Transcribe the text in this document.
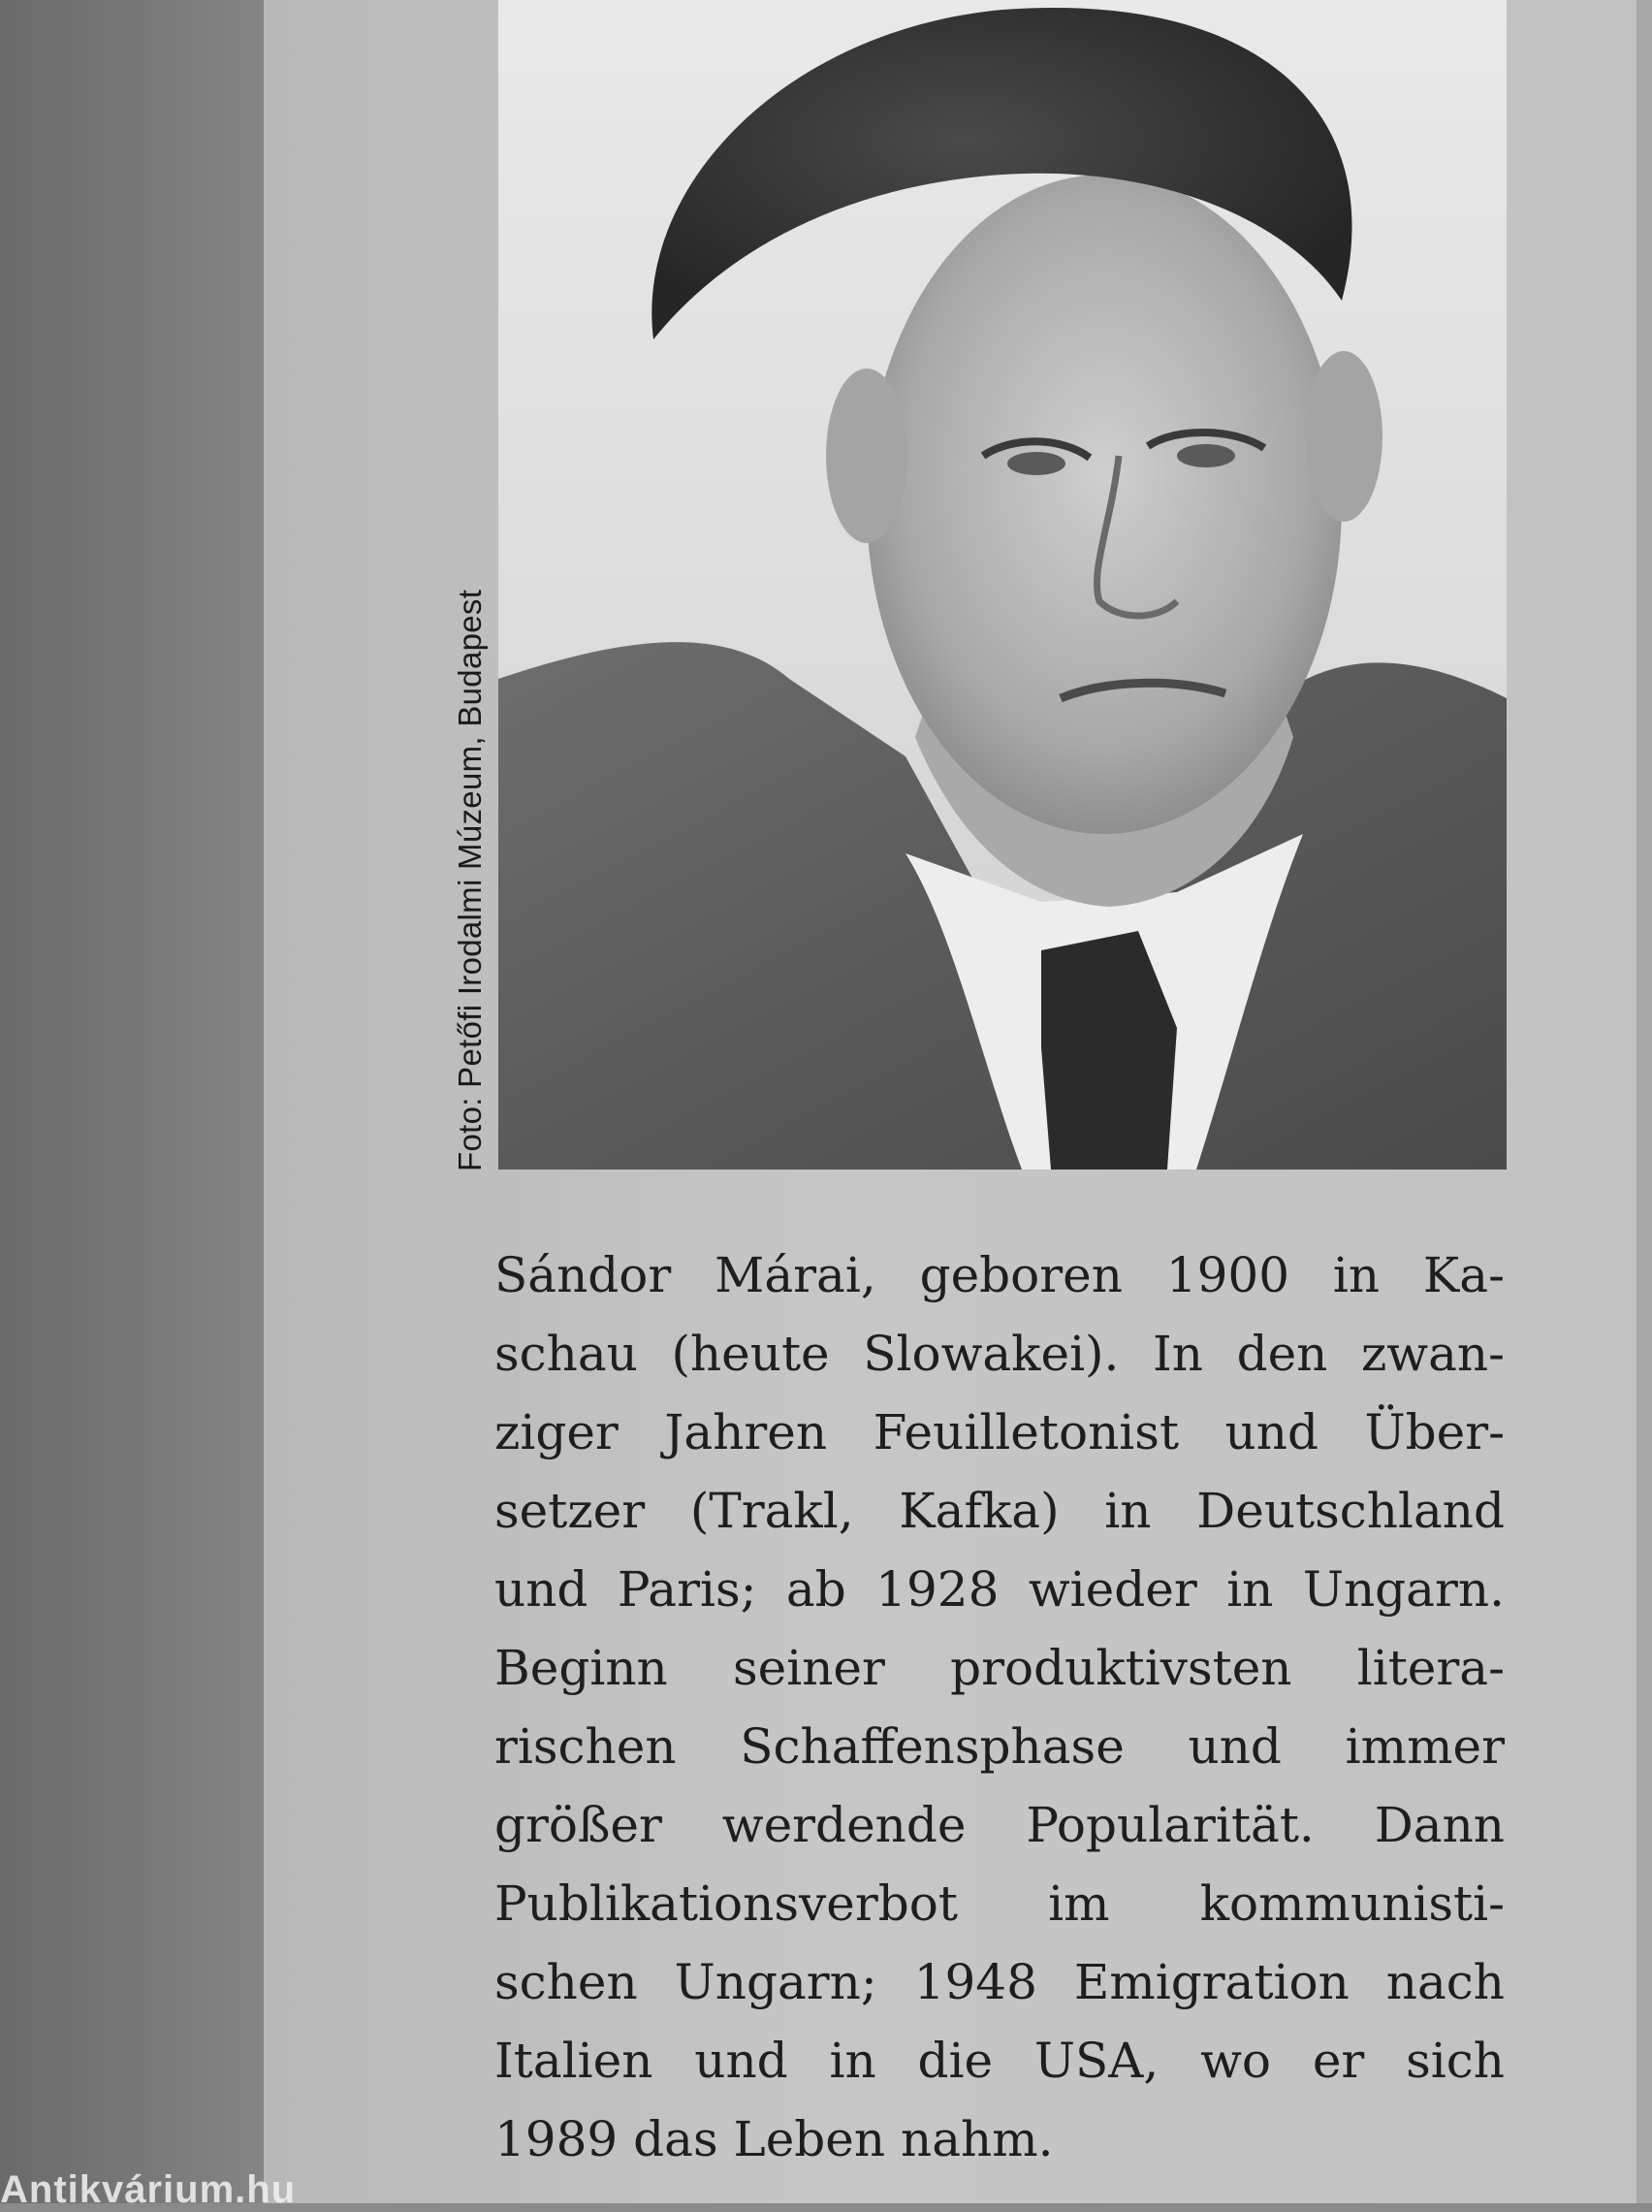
Foto: Petőfi Irodalmi Múzeum, Budapest
Sándor Márai, geboren 1900 in Ka-
schau (heute Slowakei). In den zwan-
ziger Jahren Feuilletonist und Über-
setzer (Trakl, Kafka) in Deutschland
und Paris; ab 1928 wieder in Ungarn.
Beginn seiner produktivsten litera-
rischen Schaffensphase und immer
größer werdende Popularität. Dann
Publikationsverbot im kommunisti-
schen Ungarn; 1948 Emigration nach
Italien und in die USA, wo er sich
1989 das Leben nahm.
Antikvárium.hu
